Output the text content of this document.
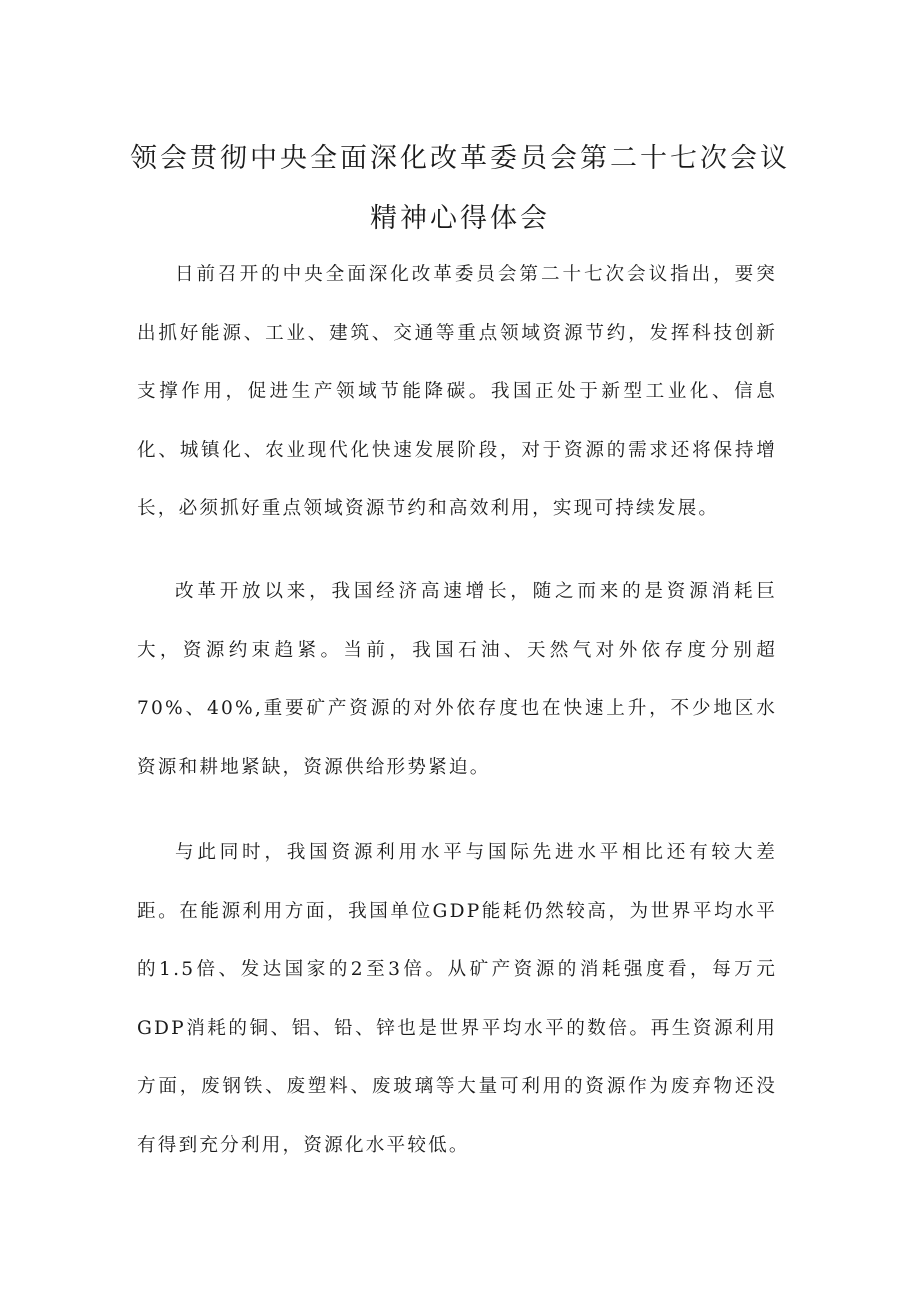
领会贯彻中央全面深化改革委员会第二十七次会议
精神心得体会

日前召开的中央全面深化改革委员会第二十七次会议指出，要突出抓好能源、工业、建筑、交通等重点领域资源节约，发挥科技创新支撑作用，促进生产领域节能降碳。我国正处于新型工业化、信息化、城镇化、农业现代化快速发展阶段，对于资源的需求还将保持增长，必须抓好重点领域资源节约和高效利用，实现可持续发展。

改革开放以来，我国经济高速增长，随之而来的是资源消耗巨大，资源约束趋紧。当前，我国石油、天然气对外依存度分别超70%、40%,重要矿产资源的对外依存度也在快速上升，不少地区水资源和耕地紧缺，资源供给形势紧迫。

与此同时，我国资源利用水平与国际先进水平相比还有较大差距。在能源利用方面，我国单位GDP能耗仍然较高，为世界平均水平的1.5倍、发达国家的2至3倍。从矿产资源的消耗强度看，每万元GDP消耗的铜、铝、铅、锌也是世界平均水平的数倍。再生资源利用方面，废钢铁、废塑料、废玻璃等大量可利用的资源作为废弃物还没有得到充分利用，资源化水平较低。
